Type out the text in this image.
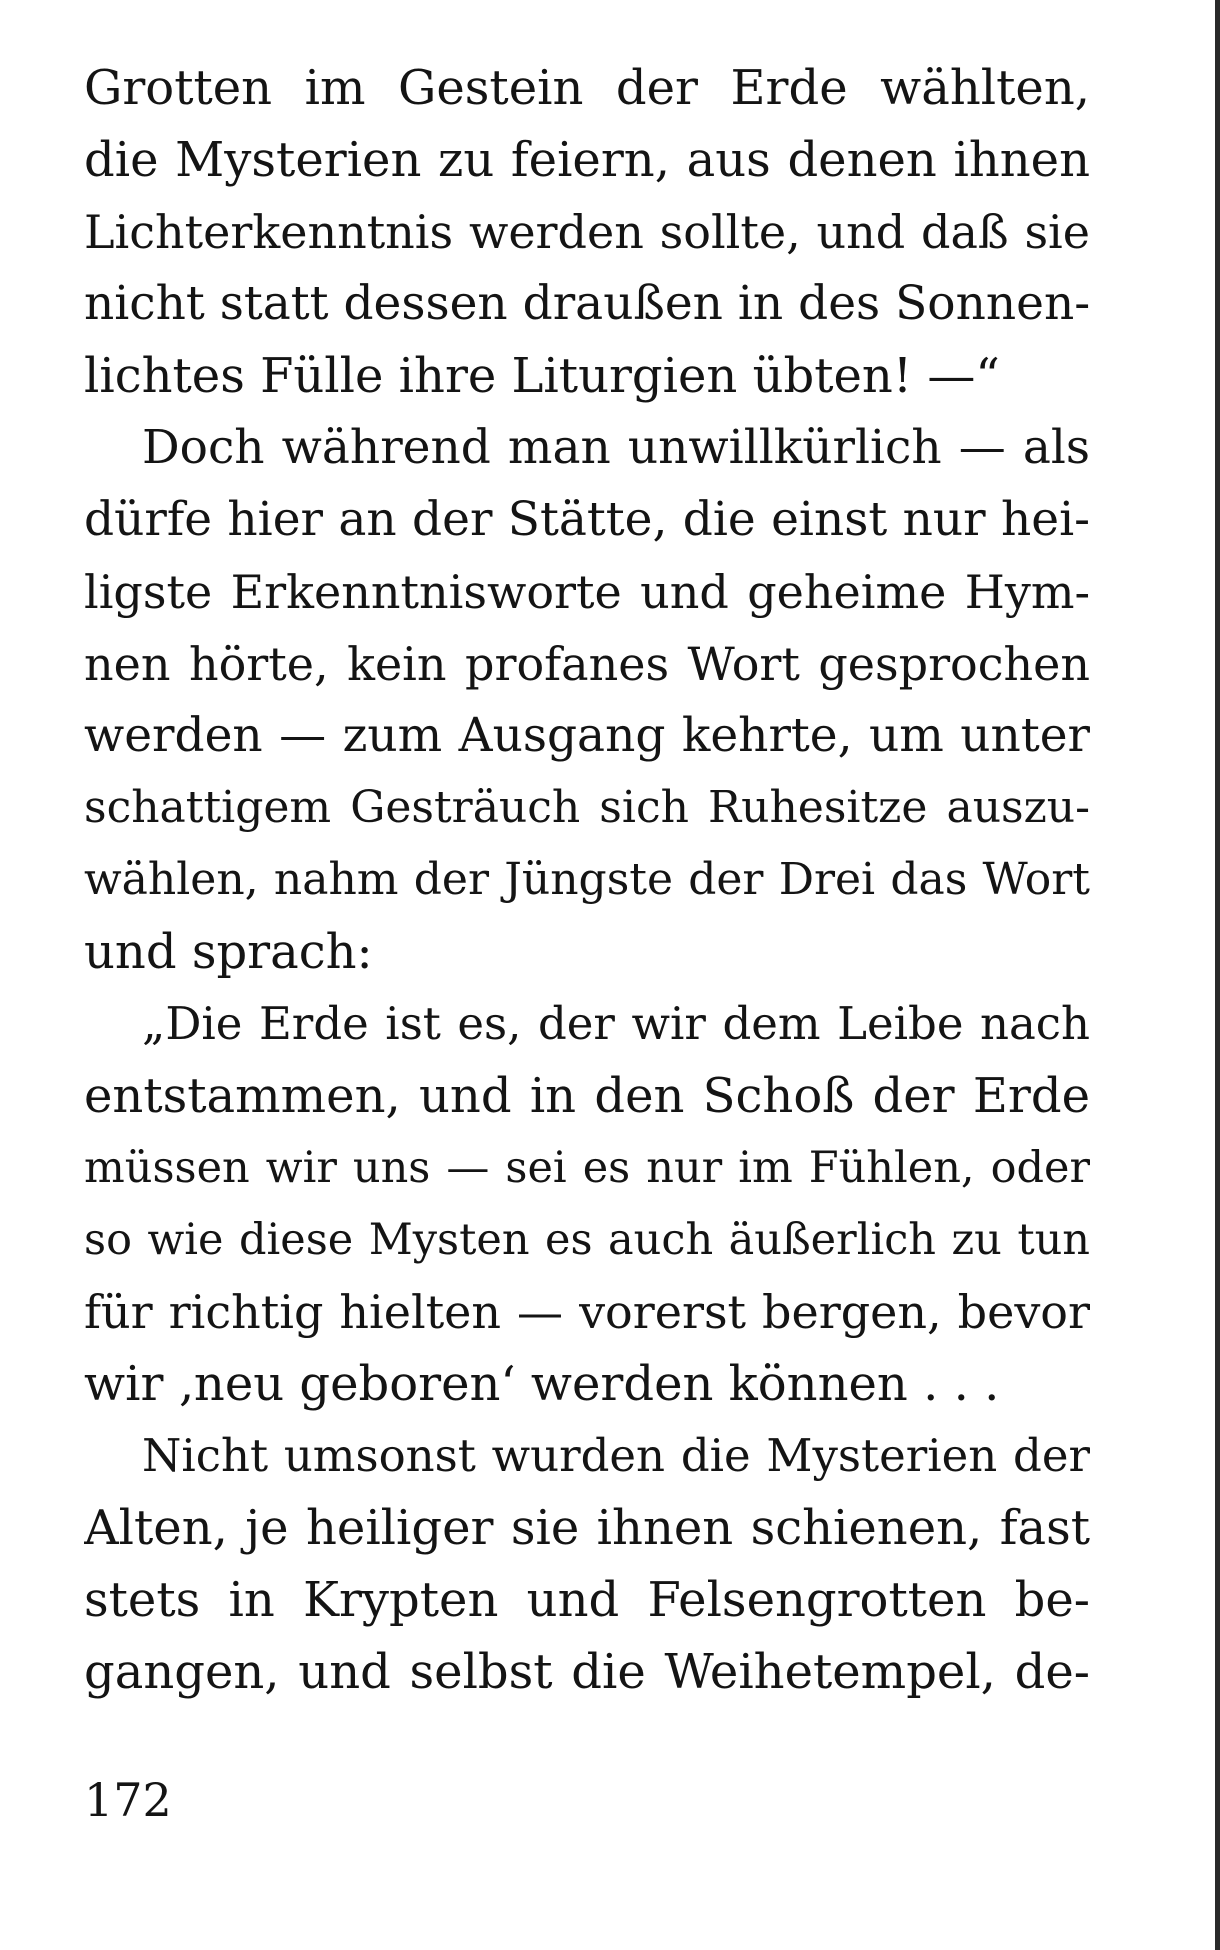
Grotten im Gestein der Erde wählten,
die Mysterien zu feiern, aus denen ihnen
Lichterkenntnis werden sollte, und daß sie
nicht statt dessen draußen in des Sonnen-
lichtes Fülle ihre Liturgien übten! —“
Doch während man unwillkürlich — als
dürfe hier an der Stätte, die einst nur hei-
ligste Erkenntnisworte und geheime Hym-
nen hörte, kein profanes Wort gesprochen
werden — zum Ausgang kehrte, um unter
schattigem Gesträuch sich Ruhesitze auszu-
wählen, nahm der Jüngste der Drei das Wort
und sprach:
„Die Erde ist es, der wir dem Leibe nach
entstammen, und in den Schoß der Erde
müssen wir uns — sei es nur im Fühlen, oder
so wie diese Mysten es auch äußerlich zu tun
für richtig hielten — vorerst bergen, bevor
wir ‚neu geboren‘ werden können . . .
Nicht umsonst wurden die Mysterien der
Alten, je heiliger sie ihnen schienen, fast
stets in Krypten und Felsengrotten be-
gangen, und selbst die Weihetempel, de-
172
